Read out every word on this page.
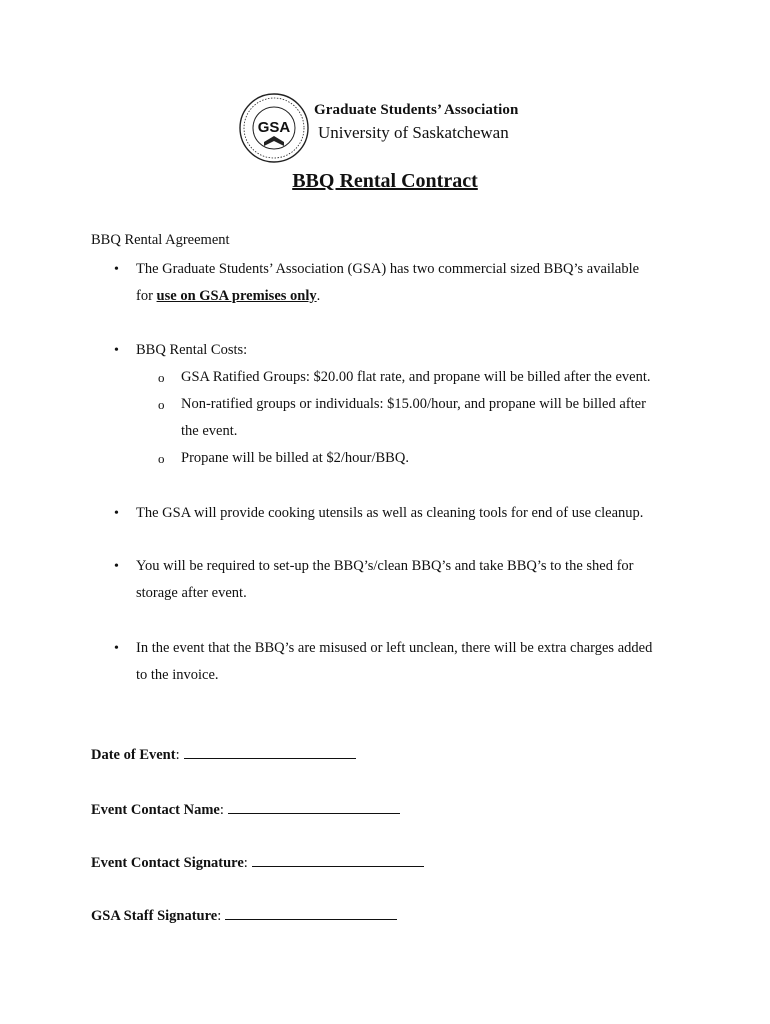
GSA
Graduate Students’ Association
University of Saskatchewan
BBQ Rental Contract
BBQ Rental Agreement
• The Graduate Students’ Association (GSA) has two commercial sized BBQ’s available
for use on GSA premises only.
• BBQ Rental Costs:
o GSA Ratified Groups: $20.00 flat rate, and propane will be billed after the event.
o Non-ratified groups or individuals: $15.00/hour, and propane will be billed after
the event.
o Propane will be billed at $2/hour/BBQ.
• The GSA will provide cooking utensils as well as cleaning tools for end of use cleanup.
• You will be required to set-up the BBQ’s/clean BBQ’s and take BBQ’s to the shed for
storage after event.
• In the event that the BBQ’s are misused or left unclean, there will be extra charges added
to the invoice.
Date of Event:
Event Contact Name:
Event Contact Signature:
GSA Staff Signature:
